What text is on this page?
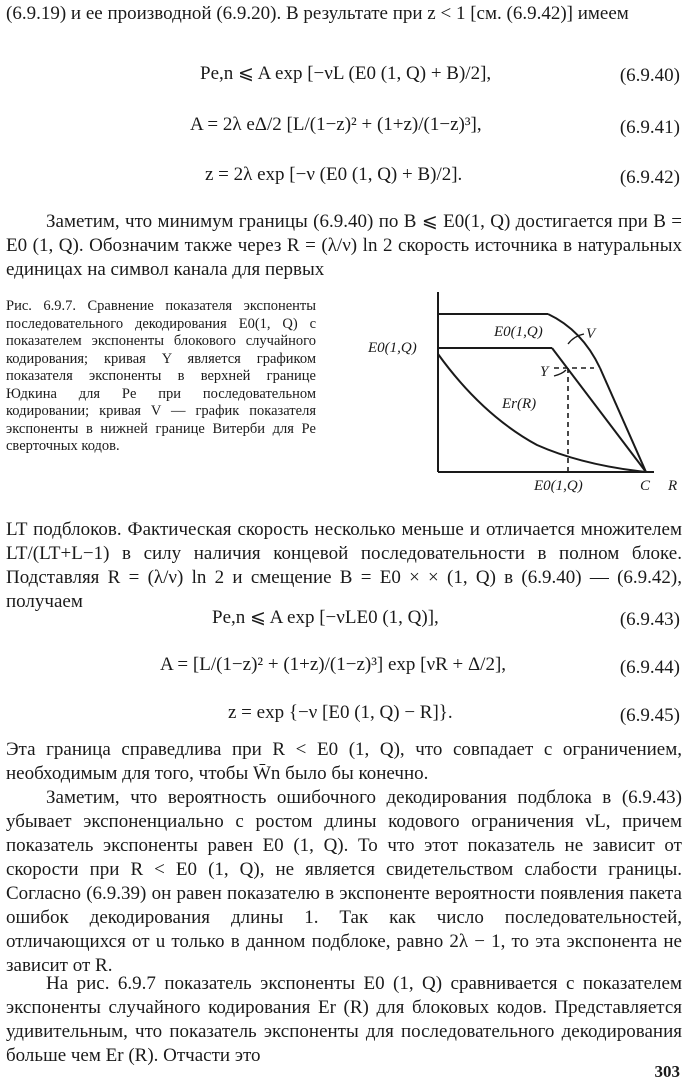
(6.9.19) и ее производной (6.9.20). В результате при z < 1 [см. (6.9.42)] имеем

Pe,n ⩽ A exp [−νL (E0 (1, Q) + B)/2],	(6.9.40)
A = 2λ eΔ/2 [L/(1−z)² + (1+z)/(1−z)³],	(6.9.41)
z = 2λ exp [−ν (E0 (1, Q) + B)/2].	(6.9.42)

Заметим, что минимум границы (6.9.40) по B ⩽ E0(1, Q) достигается при B = E0 (1, Q). Обозначим также через R = (λ/ν) ln 2 скорость источника в натуральных единицах на символ канала для первых

Рис. 6.9.7. Сравнение показателя экспоненты последовательного декодирования E0(1, Q) с показателем экспоненты блокового случайного кодирования; кривая Y является графиком показателя экспоненты в верхней границе Юдкина для Pe при последовательном кодировании; кривая V — график показателя экспоненты в нижней границе Витерби для Pe сверточных кодов.

E0(1,Q)
E0(1,Q)
Er(R)
V
Y
E0(1,Q)	C R

LT подблоков. Фактическая скорость несколько меньше и отличается множителем LT/(LT+L−1) в силу наличия концевой последовательности в полном блоке. Подставляя R = (λ/ν) ln 2 и смещение B = E0 × × (1, Q) в (6.9.40) — (6.9.42), получаем

Pe,n ⩽ A exp [−νLE0 (1, Q)],	(6.9.43)
A = [L/(1−z)² + (1+z)/(1−z)³] exp [νR + Δ/2],	(6.9.44)
z = exp {−ν [E0 (1, Q) − R]}.	(6.9.45)

Эта граница справедлива при R < E0 (1, Q), что совпадает с ограничением, необходимым для того, чтобы W̄n было бы конечно.

Заметим, что вероятность ошибочного декодирования подблока в (6.9.43) убывает экспоненциально с ростом длины кодового ограничения νL, причем показатель экспоненты равен E0 (1, Q). То что этот показатель не зависит от скорости при R < E0 (1, Q), не является свидетельством слабости границы. Согласно (6.9.39) он равен показателю в экспоненте вероятности появления пакета ошибок декодирования длины 1. Так как число последовательностей, отличающихся от u только в данном подблоке, равно 2λ − 1, то эта экспонента не зависит от R.

На рис. 6.9.7 показатель экспоненты E0 (1, Q) сравнивается с показателем экспоненты случайного кодирования Er (R) для блоковых кодов. Представляется удивительным, что показатель экспоненты для последовательного декодирования больше чем Er (R). Отчасти это

303
